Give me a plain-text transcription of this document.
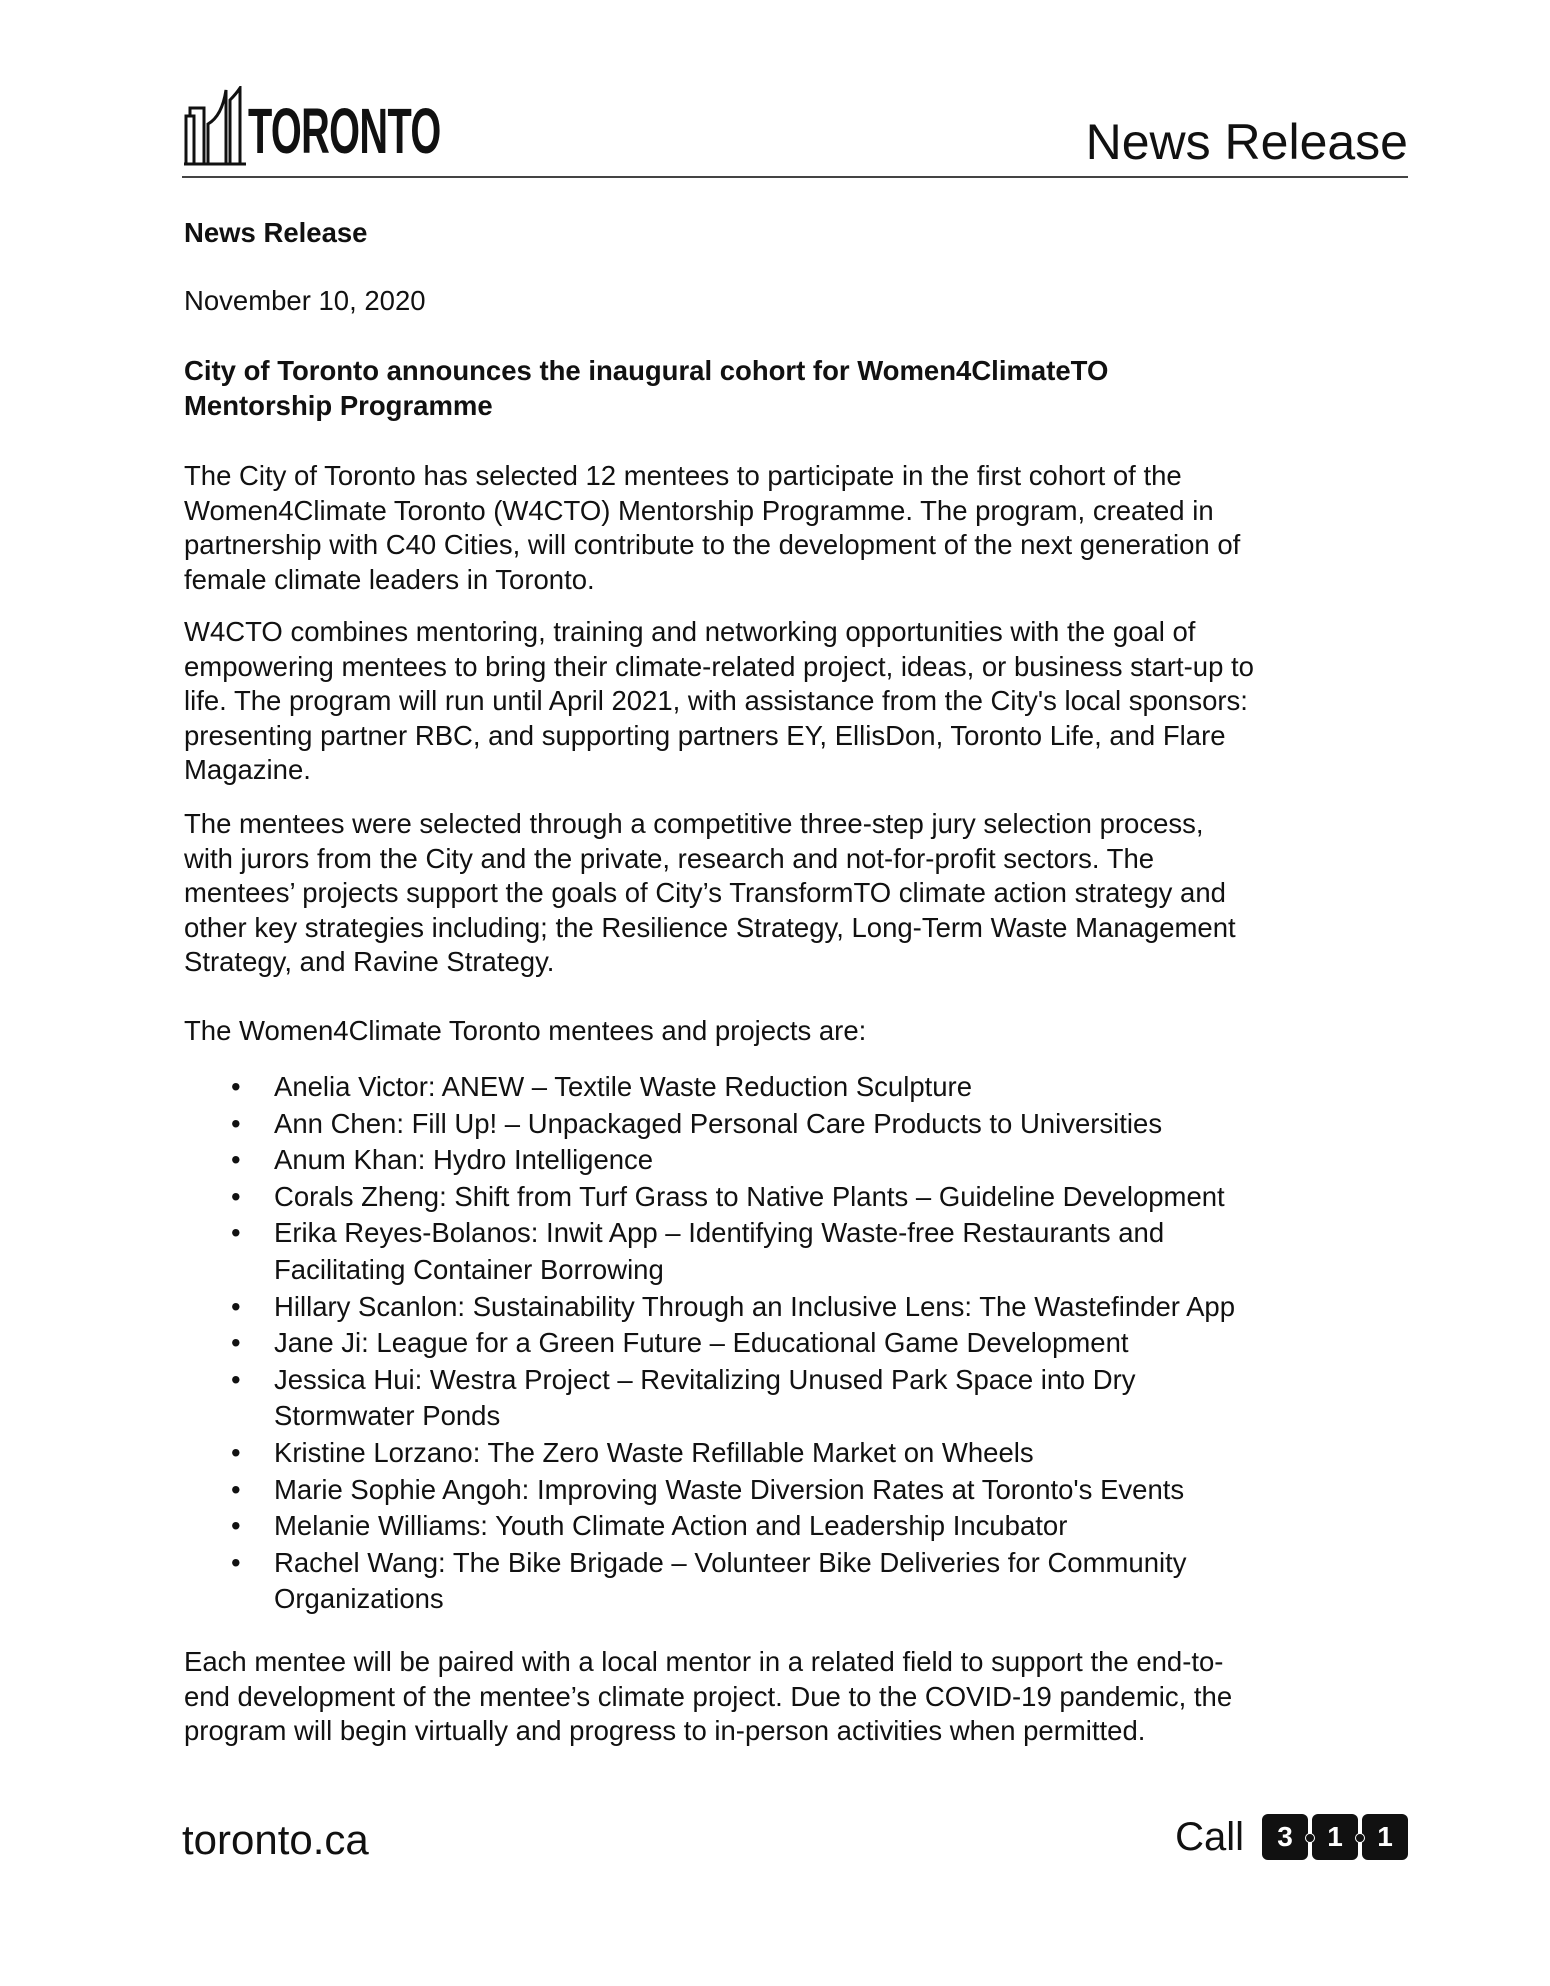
TORONTO	News Release
News Release
November 10, 2020
City of Toronto announces the inaugural cohort for Women4ClimateTO
Mentorship Programme
The City of Toronto has selected 12 mentees to participate in the first cohort of the
Women4Climate Toronto (W4CTO) Mentorship Programme. The program, created in
partnership with C40 Cities, will contribute to the development of the next generation of
female climate leaders in Toronto.
W4CTO combines mentoring, training and networking opportunities with the goal of
empowering mentees to bring their climate-related project, ideas, or business start-up to
life. The program will run until April 2021, with assistance from the City's local sponsors:
presenting partner RBC, and supporting partners EY, EllisDon, Toronto Life, and Flare
Magazine.
The mentees were selected through a competitive three-step jury selection process,
with jurors from the City and the private, research and not-for-profit sectors. The
mentees’ projects support the goals of City’s TransformTO climate action strategy and
other key strategies including; the Resilience Strategy, Long-Term Waste Management
Strategy, and Ravine Strategy.
The Women4Climate Toronto mentees and projects are:
• Anelia Victor: ANEW – Textile Waste Reduction Sculpture
• Ann Chen: Fill Up! – Unpackaged Personal Care Products to Universities
• Anum Khan: Hydro Intelligence
• Corals Zheng: Shift from Turf Grass to Native Plants – Guideline Development
• Erika Reyes-Bolanos: Inwit App – Identifying Waste-free Restaurants and
Facilitating Container Borrowing
• Hillary Scanlon: Sustainability Through an Inclusive Lens: The Wastefinder App
• Jane Ji: League for a Green Future – Educational Game Development
• Jessica Hui: Westra Project – Revitalizing Unused Park Space into Dry
Stormwater Ponds
• Kristine Lorzano: The Zero Waste Refillable Market on Wheels
• Marie Sophie Angoh: Improving Waste Diversion Rates at Toronto's Events
• Melanie Williams: Youth Climate Action and Leadership Incubator
• Rachel Wang: The Bike Brigade – Volunteer Bike Deliveries for Community
Organizations
Each mentee will be paired with a local mentor in a related field to support the end-to-
end development of the mentee’s climate project. Due to the COVID-19 pandemic, the
program will begin virtually and progress to in-person activities when permitted.
toronto.ca	Call	3	1	1
